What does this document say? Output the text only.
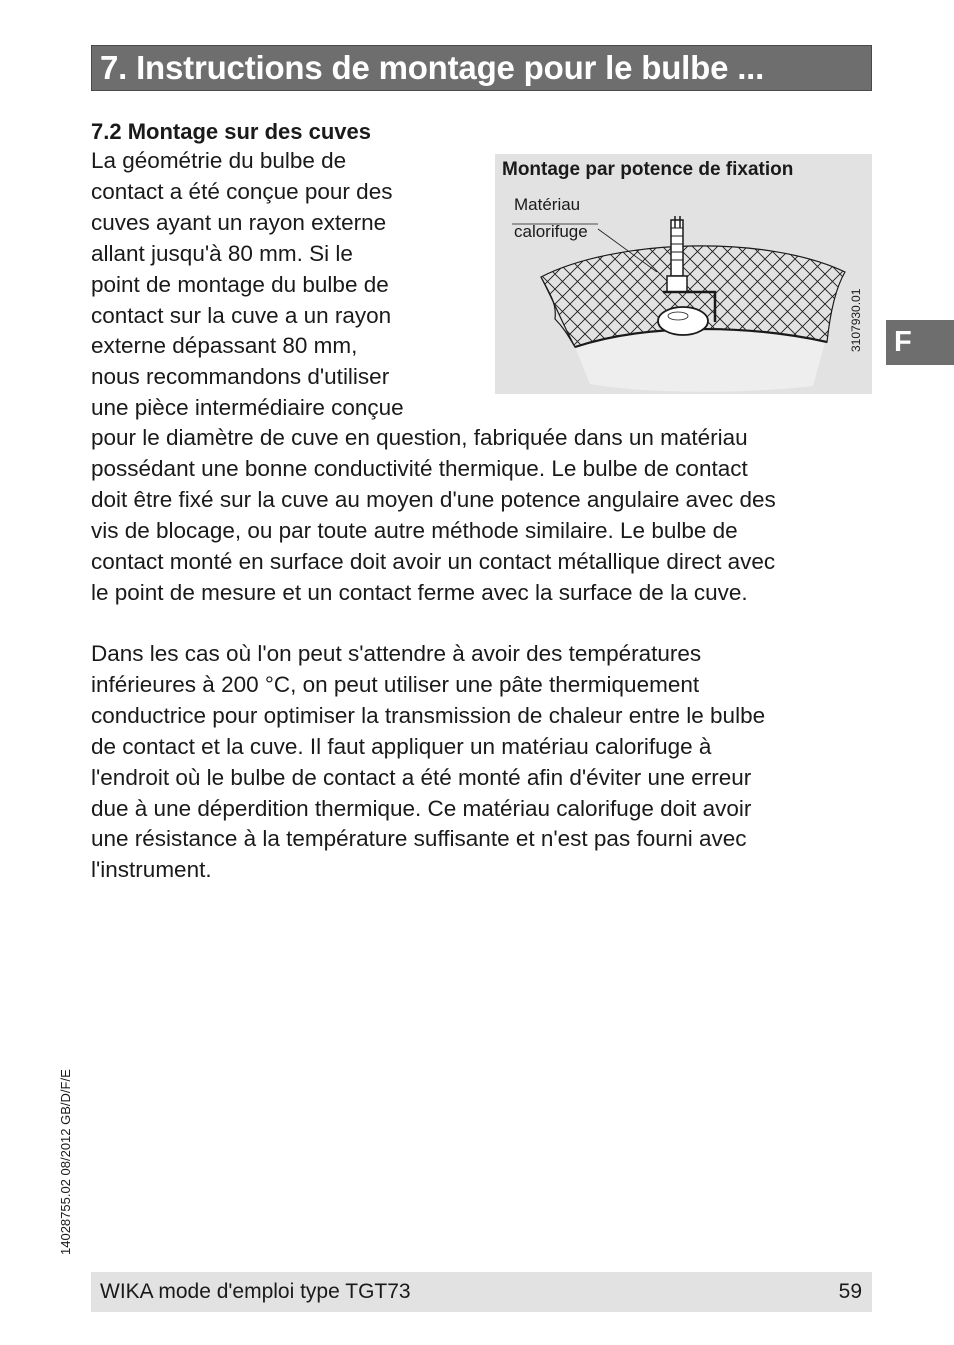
7. Instructions de montage pour le bulbe ...
7.2 Montage sur des cuves

La géométrie du bulbe de
contact a été conçue pour des
cuves ayant un rayon externe
allant jusqu'à 80 mm. Si le
point de montage du bulbe de
contact sur la cuve a un rayon
externe dépassant 80 mm,
nous recommandons d'utiliser
une pièce intermédiaire conçue

Montage par potence de fixation
Matériau
calorifuge
3107930.01

pour le diamètre de cuve en question, fabriquée dans un matériau
possédant une bonne conductivité thermique. Le bulbe de contact
doit être fixé sur la cuve au moyen d'une potence angulaire avec des
vis de blocage, ou par toute autre méthode similaire. Le bulbe de
contact monté en surface doit avoir un contact métallique direct avec
le point de mesure et un contact ferme avec la surface de la cuve.

Dans les cas où l'on peut s'attendre à avoir des températures
inférieures à 200 °C, on peut utiliser une pâte thermiquement
conductrice pour optimiser la transmission de chaleur entre le bulbe
de contact et la cuve. Il faut appliquer un matériau calorifuge à
l'endroit où le bulbe de contact a été monté afin d'éviter une erreur
due à une déperdition thermique. Ce matériau calorifuge doit avoir
une résistance à la température suffisante et n'est pas fourni avec
l'instrument.

F
14028755.02 08/2012 GB/D/F/E
WIKA mode d'emploi type TGT73	59
